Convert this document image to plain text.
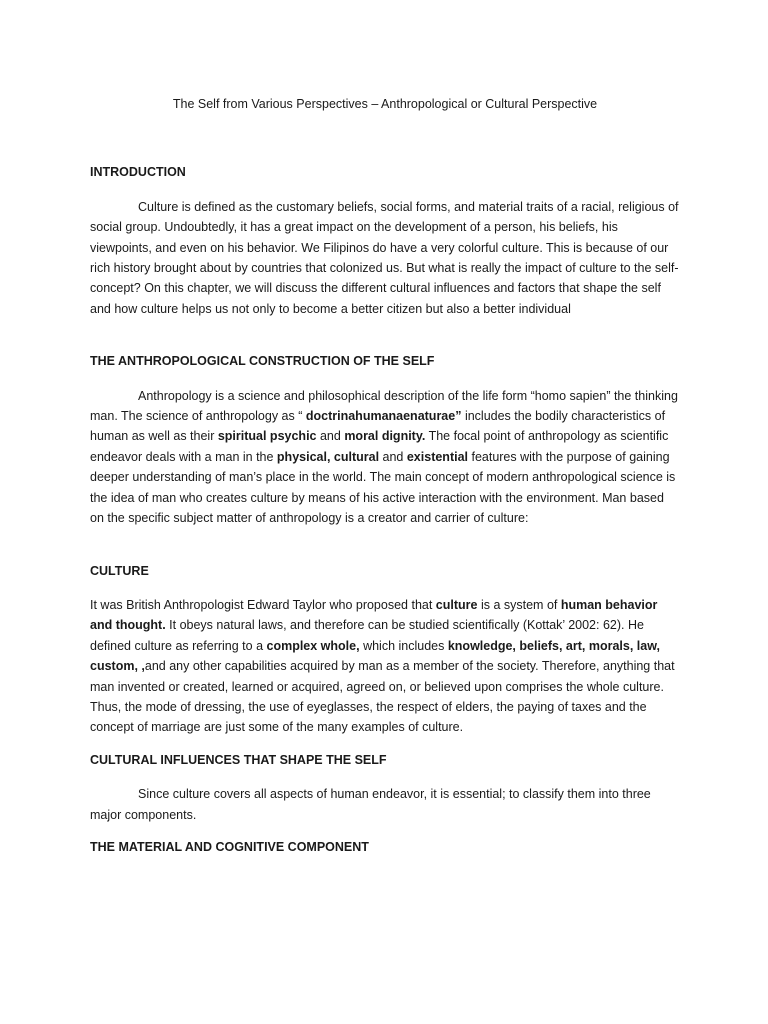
The Self from Various Perspectives – Anthropological or Cultural Perspective
INTRODUCTION

Culture is defined as the customary beliefs, social forms, and material traits of a racial, religious of social group. Undoubtedly, it has a great impact on the development of a person, his beliefs, his viewpoints, and even on his behavior. We Filipinos do have a very colorful culture. This is because of our rich history brought about by countries that colonized us. But what is really the impact of culture to the self-concept? On this chapter, we will discuss the different cultural influences and factors that shape the self and how culture helps us not only to become a better citizen but also a better individual

THE ANTHROPOLOGICAL CONSTRUCTION OF THE SELF

Anthropology is a science and philosophical description of the life form “homo sapien” the thinking man. The science of anthropology as “ doctrinahumanaenaturae” includes the bodily characteristics of human as well as their spiritual psychic and moral dignity. The focal point of anthropology as scientific endeavor deals with a man in the physical, cultural and existential features with the purpose of gaining deeper understanding of man’s place in the world. The main concept of modern anthropological science is the idea of man who creates culture by means of his active interaction with the environment. Man based on the specific subject matter of anthropology is a creator and carrier of culture:

CULTURE

It was British Anthropologist Edward Taylor who proposed that culture is a system of human behavior and thought. It obeys natural laws, and therefore can be studied scientifically (Kottak’ 2002: 62). He defined culture as referring to a complex whole, which includes knowledge, beliefs, art, morals, law, custom, ,and any other capabilities acquired by man as a member of the society. Therefore, anything that man invented or created, learned or acquired, agreed on, or believed upon comprises the whole culture. Thus, the mode of dressing, the use of eyeglasses, the respect of elders, the paying of taxes and the concept of marriage are just some of the many examples of culture.

CULTURAL INFLUENCES THAT SHAPE THE SELF

Since culture covers all aspects of human endeavor, it is essential; to classify them into three major components.

THE MATERIAL AND COGNITIVE COMPONENT
